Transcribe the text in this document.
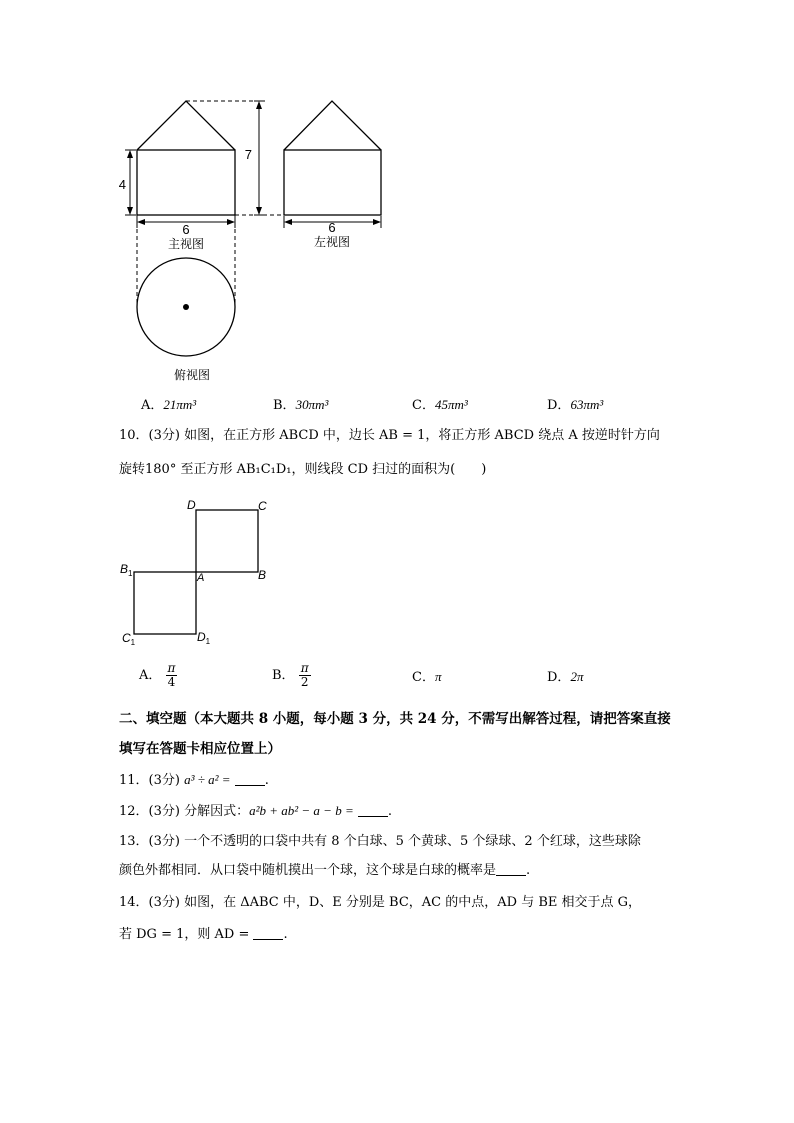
4
7
6	6
主视图	左视图
俯视图
A．21πm³	B．30πm³	C．45πm³	D．63πm³
10．(3分) 如图，在正方形 ABCD 中，边长 AB = 1，将正方形 ABCD 绕点 A 按逆时针方向
旋转180° 至正方形 AB₁C₁D₁，则线段 CD 扫过的面积为(　　)
D	C
A	B
$B_1$
$C_1$	$D_1$
A． $\frac{\pi}{4}$	B． $\frac{\pi}{2}$	C．π	D．2π
二、填空题（本大题共 8 小题，每小题 3 分，共 24 分，不需写出解答过程，请把答案直接
填写在答题卡相应位置上）
11．(3分) a³ ÷ a² =	.
12．(3分) 分解因式：a²b + ab² − a − b =	.
13．(3分) 一个不透明的口袋中共有 8 个白球、5 个黄球、5 个绿球、2 个红球，这些球除
颜色外都相同．从口袋中随机摸出一个球，这个球是白球的概率是 .
14．(3分) 如图，在 ΔABC 中，D、E 分别是 BC，AC 的中点，AD 与 BE 相交于点 G，
若 DG = 1，则 AD =	.
